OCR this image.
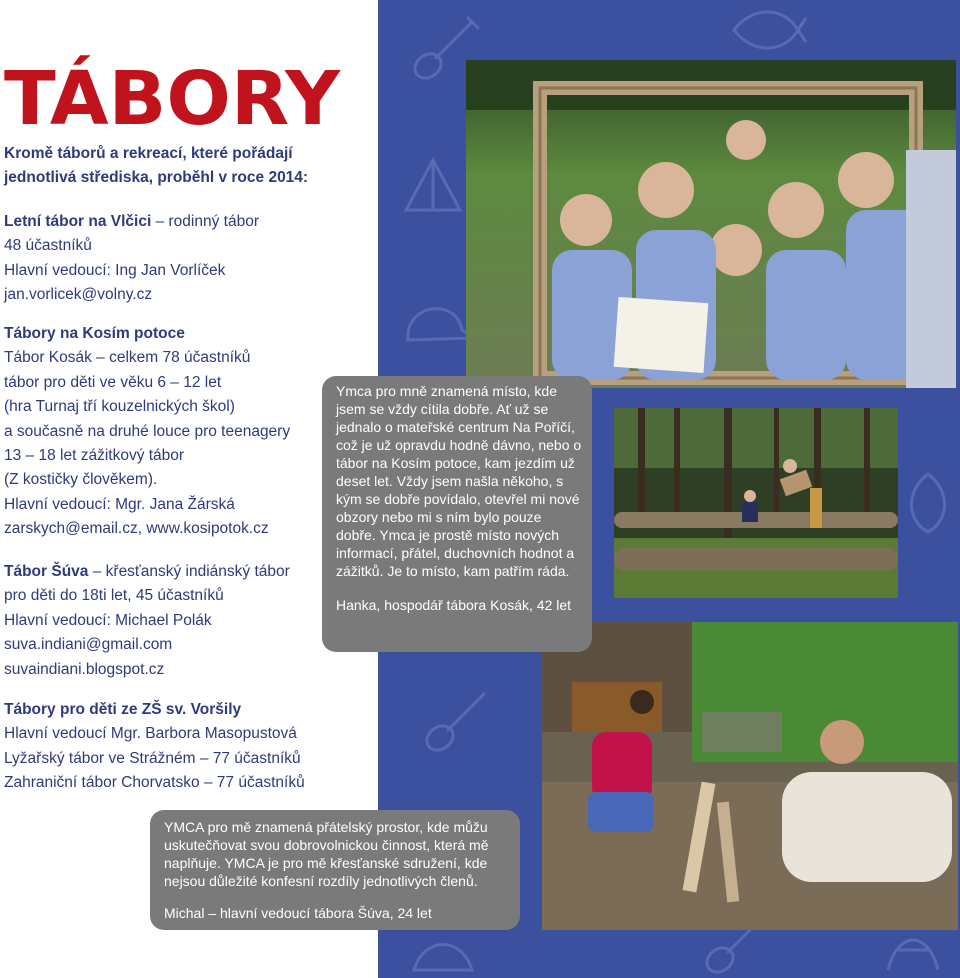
TÁBORY

Kromě táborů a rekreací, které pořádají jednotlivá střediska, proběhl v roce 2014:

Letní tábor na Vlčici – rodinný tábor

48 účastníků

Hlavní vedoucí: Ing Jan Vorlíček

jan.vorlicek@volny.cz

Tábory na Kosím potoce

Tábor Kosák – celkem 78 účastníků

tábor pro děti ve věku 6 – 12 let

(hra Turnaj tří kouzelnických škol)

a současně na druhé louce pro teenagery

13 – 18 let zážitkový tábor

(Z kostičky člověkem).

Hlavní vedoucí: Mgr. Jana Žárská

zarskych@email.cz, www.kosipotok.cz

Tábor Šúva – křesťanský indiánský tábor

pro děti do 18ti let, 45 účastníků

Hlavní vedoucí: Michael Polák

suva.indiani@gmail.com

suvaindiani.blogspot.cz

Tábory pro děti ze ZŠ sv. Voršily

Hlavní vedoucí Mgr. Barbora Masopustová

Lyžařský tábor ve Strážném – 77 účastníků

Zahraniční tábor Chorvatsko – 77 účastníků

Ymca pro mně znamená místo, kde jsem se vždy cítila dobře. Ať už se jednalo o mateřské centrum Na Poříčí, což je už opravdu hodně dávno, nebo o tábor na Kosím potoce, kam jezdím už deset let. Vždy jsem našla někoho, s kým se dobře povídalo, otevřel mi nové obzory nebo mi s ním bylo pouze dobře. Ymca je prostě místo nových informací, přátel, duchovních hodnot a zážitků. Je to místo, kam patřím ráda.

Hanka, hospodář tábora Kosák, 42 let

YMCA pro mě znamená přátelský prostor, kde můžu uskutečňovat svou dobrovolnickou činnost, která mě naplňuje. YMCA je pro mě křesťanské sdružení, kde nejsou důležité konfesní rozdíly jednotlivých členů.

Michal – hlavní vedoucí tábora Šúva, 24 let
